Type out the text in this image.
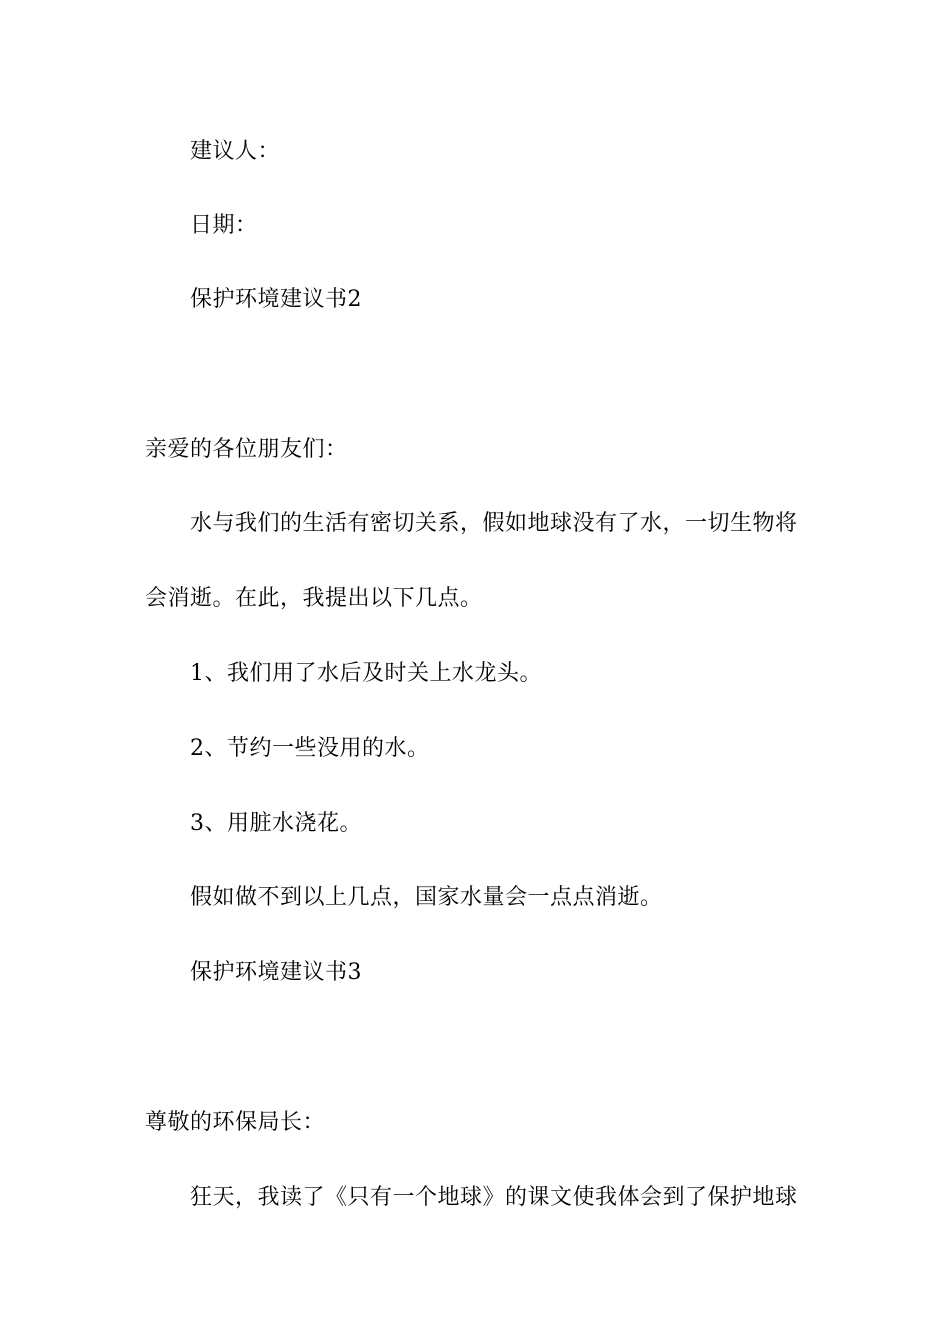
建议人：
日期：
保护环境建议书2
亲爱的各位朋友们：
水与我们的生活有密切关系，假如地球没有了水，一切生物将
会消逝。在此，我提出以下几点。
1、我们用了水后及时关上水龙头。
2、节约一些没用的水。
3、用脏水浇花。
假如做不到以上几点，国家水量会一点点消逝。
保护环境建议书3
尊敬的环保局长：
狂天，我读了《只有一个地球》的课文使我体会到了保护地球
